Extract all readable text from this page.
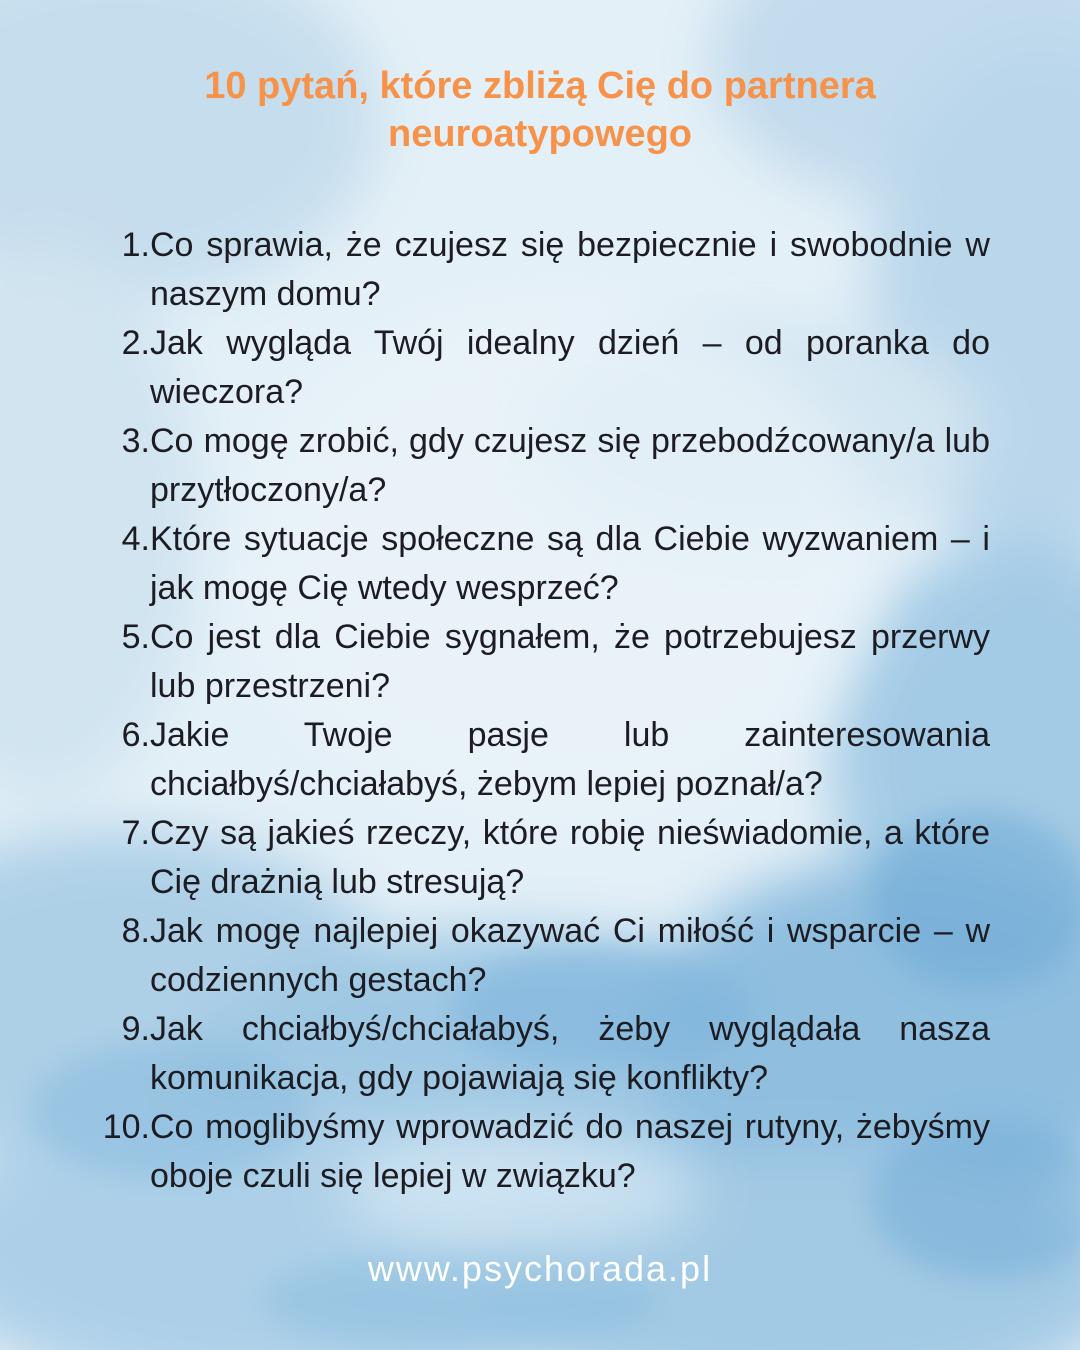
10 pytań, które zbliżą Cię do partnera
neuroatypowego
1. Co sprawia, że czujesz się bezpiecznie i swobodnie w naszym domu?

2. Jak wygląda Twój idealny dzień – od poranka do wieczora?

3. Co mogę zrobić, gdy czujesz się przebodźcowany/a lub przytłoczony/a?

4. Które sytuacje społeczne są dla Ciebie wyzwaniem – i jak mogę Cię wtedy wesprzeć?

5. Co jest dla Ciebie sygnałem, że potrzebujesz przerwy lub przestrzeni?

6. Jakie Twoje pasje lub zainteresowania chciałbyś/chciałabyś, żebym lepiej poznał/a?

7. Czy są jakieś rzeczy, które robię nieświadomie, a które Cię drażnią lub stresują?

8. Jak mogę najlepiej okazywać Ci miłość i wsparcie – w codziennych gestach?

9. Jak chciałbyś/chciałabyś, żeby wyglądała nasza komunikacja, gdy pojawiają się konflikty?

10. Co moglibyśmy wprowadzić do naszej rutyny, żebyśmy oboje czuli się lepiej w związku?

www.psychorada.pl
